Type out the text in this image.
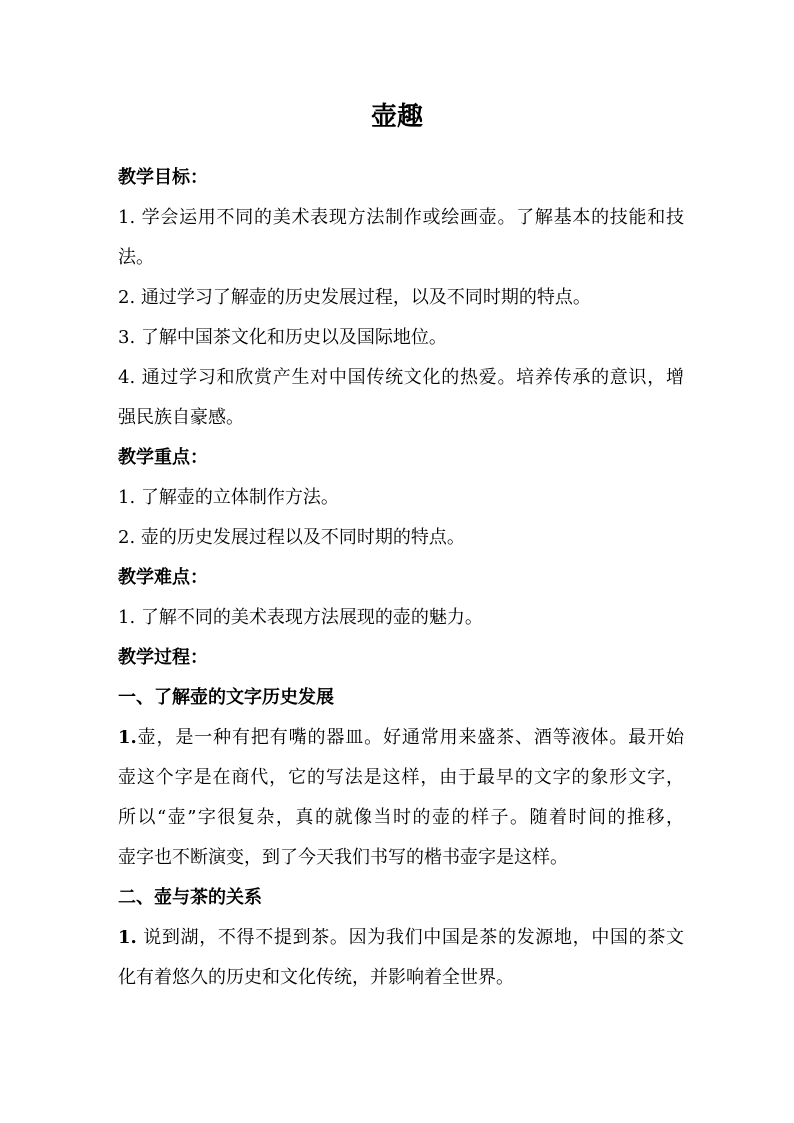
壶趣

教学目标：

1. 学会运用不同的美术表现方法制作或绘画壶。了解基本的技能和技

法。

2. 通过学习了解壶的历史发展过程，以及不同时期的特点。

3. 了解中国茶文化和历史以及国际地位。

4. 通过学习和欣赏产生对中国传统文化的热爱。培养传承的意识，增

强民族自豪感。

教学重点：

1. 了解壶的立体制作方法。

2. 壶的历史发展过程以及不同时期的特点。

教学难点：

1. 了解不同的美术表现方法展现的壶的魅力。

教学过程：

一、了解壶的文字历史发展

1.壶，是一种有把有嘴的器皿。好通常用来盛茶、酒等液体。最开始

壶这个字是在商代，它的写法是这样，由于最早的文字的象形文字，

所以“壶”字很复杂，真的就像当时的壶的样子。随着时间的推移，

壶字也不断演变，到了今天我们书写的楷书壶字是这样。

二、壶与茶的关系

1. 说到湖，不得不提到茶。因为我们中国是茶的发源地，中国的茶文

化有着悠久的历史和文化传统，并影响着全世界。
